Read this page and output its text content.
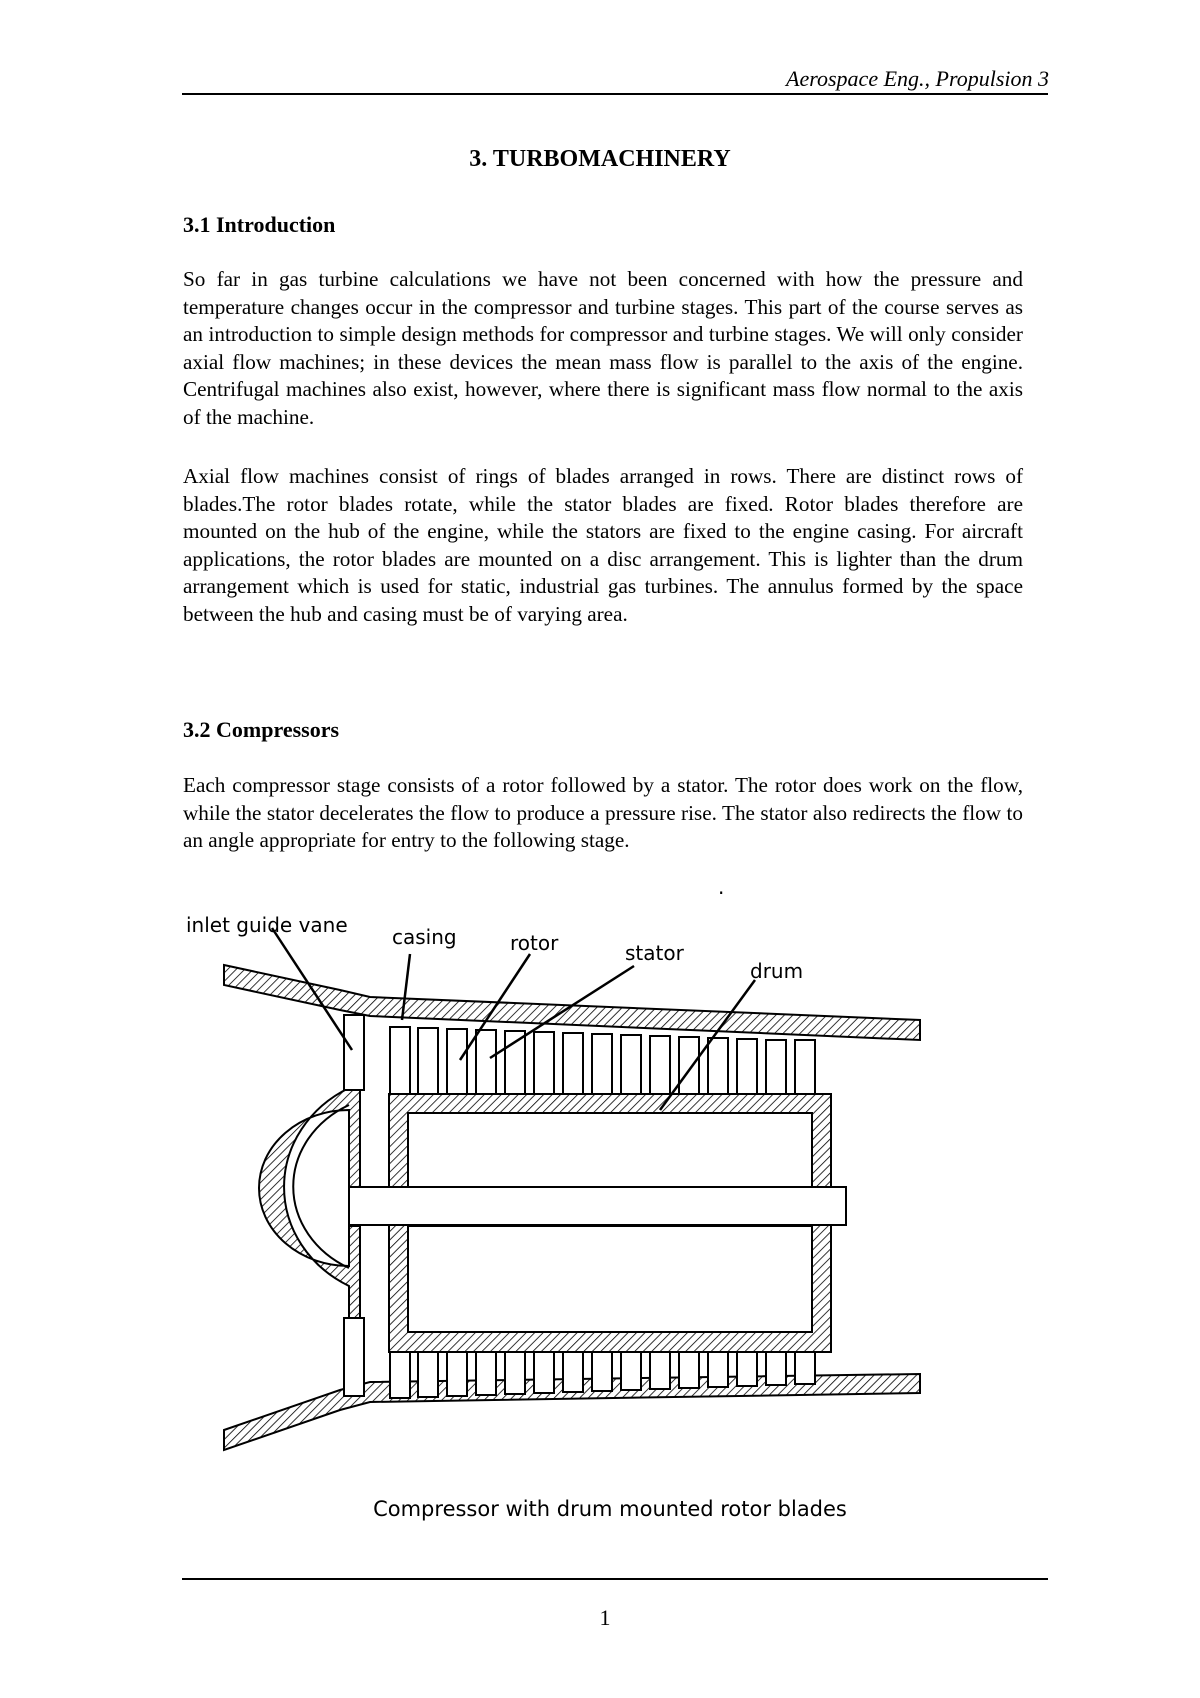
Aerospace Eng., Propulsion 3
3. TURBOMACHINERY
3.1 Introduction

So far in gas turbine calculations we have not been concerned with how the pressure and temperature changes occur in the compressor and turbine stages. This part of the course serves as an introduction to simple design methods for compressor and turbine stages. We will only consider axial flow machines; in these devices the mean mass flow is parallel to the axis of the engine. Centrifugal machines also exist, however, where there is significant mass flow normal to the axis of the machine.

Axial flow machines consist of rings of blades arranged in rows. There are distinct rows of blades.The rotor blades rotate, while the stator blades are fixed. Rotor blades therefore are mounted on the hub of the engine, while the stators are fixed to the engine casing. For aircraft applications, the rotor blades are mounted on a disc arrangement. This is lighter than the drum arrangement which is used for static, industrial gas turbines. The annulus formed by the space between the hub and casing must be of varying area.

3.2 Compressors

Each compressor stage consists of a rotor followed by a stator. The rotor does work on the flow, while the stator decelerates the flow to produce a pressure rise. The stator also redirects the flow to an angle appropriate for entry to the following stage.

.
inlet guide vane casing	rotor	stator
drum
Compressor with drum mounted rotor blades
1
